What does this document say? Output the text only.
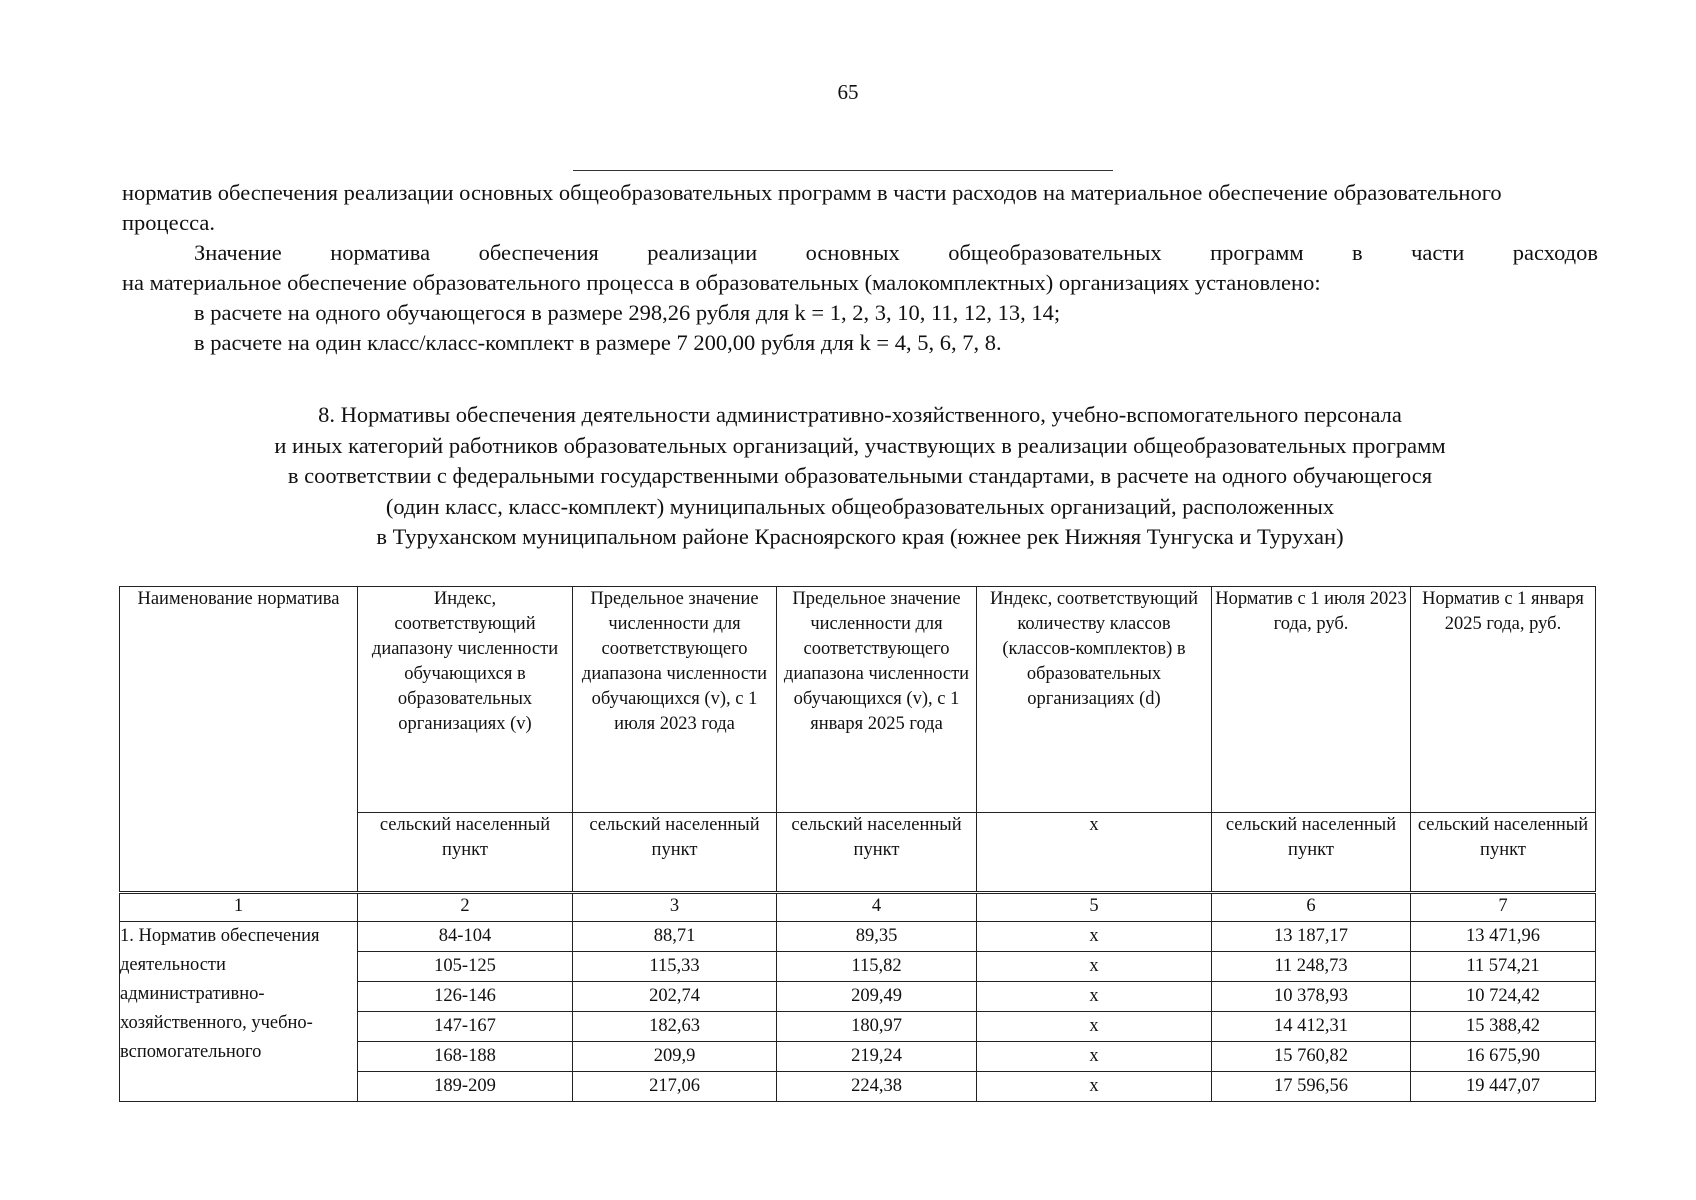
65

норматив обеспечения реализации основных общеобразовательных программ в части расходов на материальное обеспечение образовательного процесса.

Значение норматива обеспечения реализации основных общеобразовательных программ в части расходов

на материальное обеспечение образовательного процесса в образовательных (малокомплектных) организациях установлено:

в расчете на одного обучающегося в размере 298,26 рубля для k = 1, 2, 3, 10, 11, 12, 13, 14;

в расчете на один класс/класс-комплект в размере 7 200,00 рубля для k = 4, 5, 6, 7, 8.

8. Нормативы обеспечения деятельности административно-хозяйственного, учебно-вспомогательного персонала
и иных категорий работников образовательных организаций, участвующих в реализации общеобразовательных программ
в соответствии с федеральными государственными образовательными стандартами, в расчете на одного обучающегося
(один класс, класс-комплект) муниципальных общеобразовательных организаций, расположенных
в Туруханском муниципальном районе Красноярского края (южнее рек Нижняя Тунгуска и Турухан)
Наименование норматива	Индекс, соответствующий диапазону численности обучающихся в образовательных организациях (v)	Предельное значение численности для соответствующего диапазона численности обучающихся (v), с 1 июля 2023 года	Предельное значение численности для соответствующего диапазона численности обучающихся (v), с 1 января 2025 года	Индекс, соответствующий количеству классов (классов-комплектов) в образовательных организациях (d)	Норматив с 1 июля 2023 года, руб.	Норматив с 1 января 2025 года, руб.
	сельский населенный пункт	сельский населенный пункт	сельский населенный пункт	х	сельский населенный пункт	сельский населенный пункт
1	2	3	4	5	6	7
1. Норматив обеспечения деятельности административно-хозяйственного, учебно-вспомогательного	84-104	88,71	89,35	х	13 187,17	13 471,96
	105-125	115,33	115,82	х	11 248,73	11 574,21
	126-146	202,74	209,49	х	10 378,93	10 724,42
	147-167	182,63	180,97	х	14 412,31	15 388,42
	168-188	209,9	219,24	х	15 760,82	16 675,90
	189-209	217,06	224,38	х	17 596,56	19 447,07
